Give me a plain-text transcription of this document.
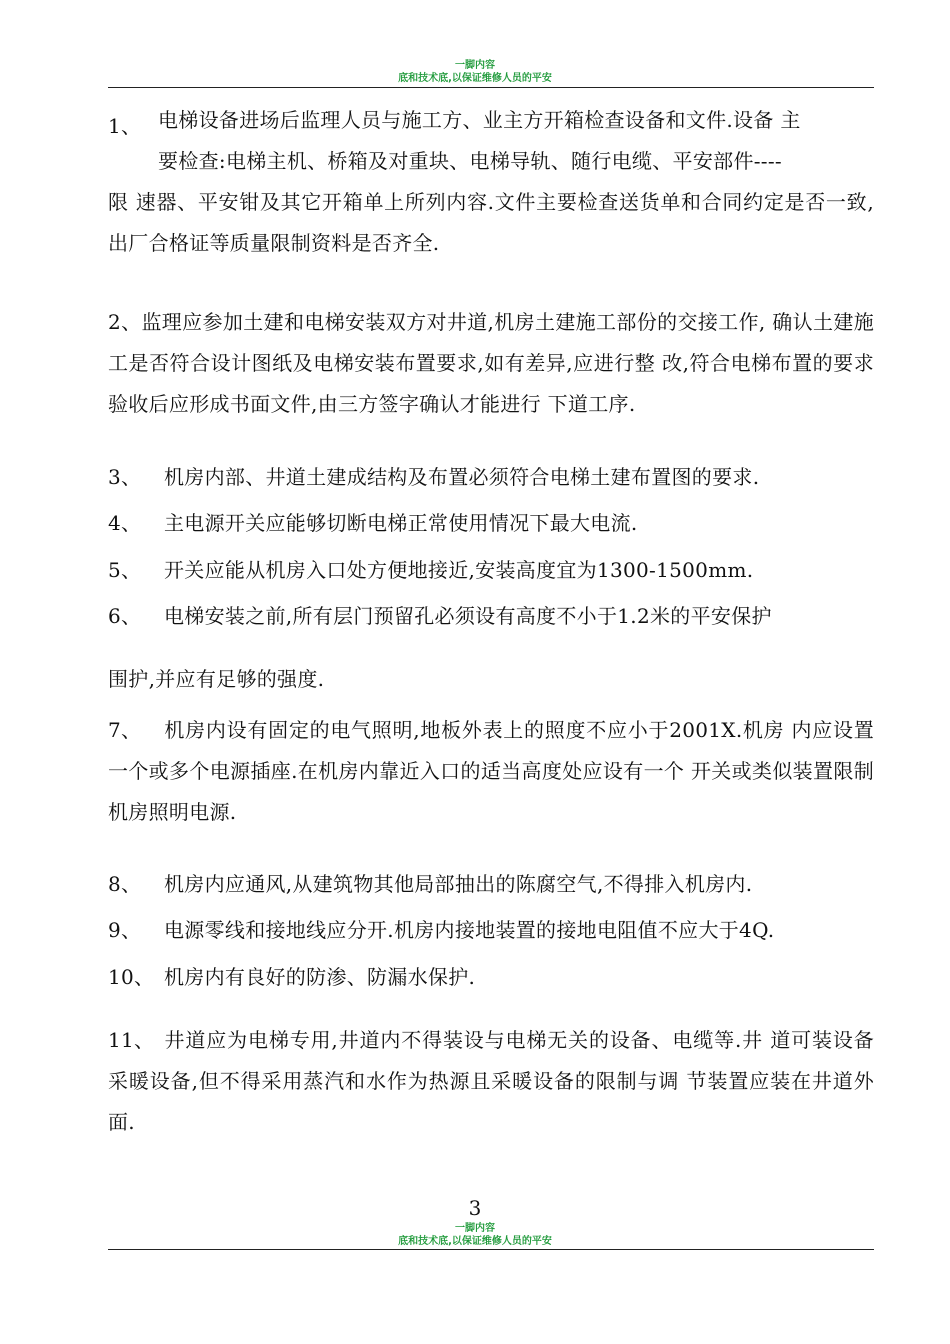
一脚内容
底和技术底,以保证维修人员的平安
1、 电梯设备进场后监理人员与施工方、业主方开箱检查设备和文件.设备 主
要检查:电梯主机、桥箱及对重块、电梯导轨、随行电缆、平安部件----
限 速器、平安钳及其它开箱单上所列内容.文件主要检查送货单和合同约定是否一致,出厂合格证等质量限制资料是否齐全.
2、监理应参加土建和电梯安装双方对井道,机房土建施工部份的交接工作, 确认土建施工是否符合设计图纸及电梯安装布置要求,如有差异,应进行整 改,符合电梯布置的要求验收后应形成书面文件,由三方签字确认才能进行 下道工序.
3、 机房内部、井道土建成结构及布置必须符合电梯土建布置图的要求.
4、 主电源开关应能够切断电梯正常使用情况下最大电流.
5、 开关应能从机房入口处方便地接近,安装高度宜为1300-1500mm.
6、 电梯安装之前,所有层门预留孔必须设有高度不小于1.2米的平安保护
围护,并应有足够的强度.
7、 机房内设有固定的电气照明,地板外表上的照度不应小于2001X.机房 内应设置一个或多个电源插座.在机房内靠近入口的适当高度处应设有一个 开关或类似装置限制机房照明电源.
8、 机房内应通风,从建筑物其他局部抽出的陈腐空气,不得排入机房内.
9、 电源零线和接地线应分开.机房内接地装置的接地电阻值不应大于4Q.
10、 机房内有良好的防渗、防漏水保护.
11、 井道应为电梯专用,井道内不得装设与电梯无关的设备、电缆等.井 道可装设备采暖设备,但不得采用蒸汽和水作为热源且采暖设备的限制与调 节装置应装在井道外面.
3
一脚内容
底和技术底,以保证维修人员的平安
